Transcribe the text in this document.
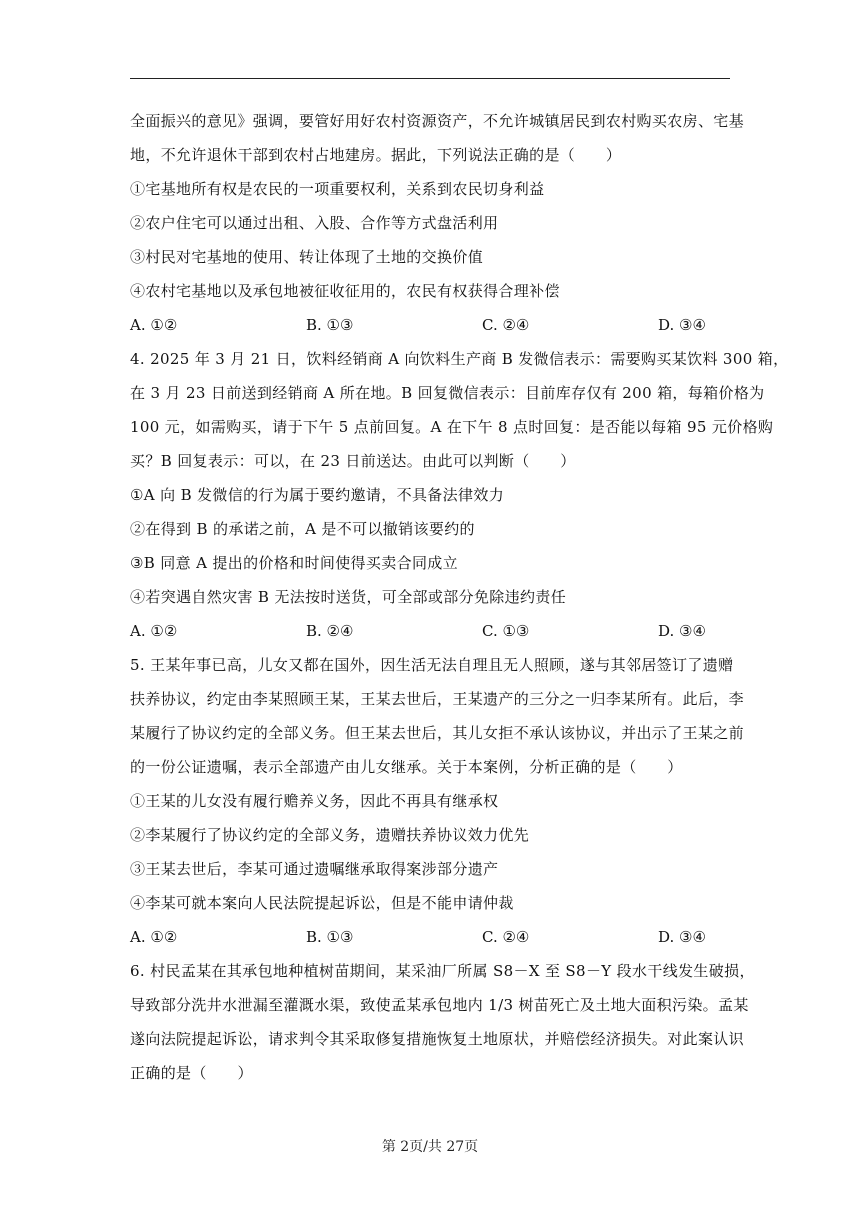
全面振兴的意见》强调，要管好用好农村资源资产，不允许城镇居民到农村购买农房、宅基
地，不允许退休干部到农村占地建房。据此，下列说法正确的是（　　）
①宅基地所有权是农民的一项重要权利，关系到农民切身利益
②农户住宅可以通过出租、入股、合作等方式盘活利用
③村民对宅基地的使用、转让体现了土地的交换价值
④农村宅基地以及承包地被征收征用的，农民有权获得合理补偿
A. ①②	B. ①③	C. ②④	D. ③④
4. 2025 年 3 月 21 日，饮料经销商 A 向饮料生产商 B 发微信表示：需要购买某饮料 300 箱，
在 3 月 23 日前送到经销商 A 所在地。B 回复微信表示：目前库存仅有 200 箱，每箱价格为
100 元，如需购买，请于下午 5 点前回复。A 在下午 8 点时回复：是否能以每箱 95 元价格购
买？B 回复表示：可以，在 23 日前送达。由此可以判断（　　）
①A 向 B 发微信的行为属于要约邀请，不具备法律效力
②在得到 B 的承诺之前，A 是不可以撤销该要约的
③B 同意 A 提出的价格和时间使得买卖合同成立
④若突遇自然灾害 B 无法按时送货，可全部或部分免除违约责任
A. ①②	B. ②④	C. ①③	D. ③④
5. 王某年事已高，儿女又都在国外，因生活无法自理且无人照顾，遂与其邻居签订了遗赠
扶养协议，约定由李某照顾王某，王某去世后，王某遗产的三分之一归李某所有。此后，李
某履行了协议约定的全部义务。但王某去世后，其儿女拒不承认该协议，并出示了王某之前
的一份公证遗嘱，表示全部遗产由儿女继承。关于本案例，分析正确的是（　　）
①王某的儿女没有履行赡养义务，因此不再具有继承权
②李某履行了协议约定的全部义务，遗赠扶养协议效力优先
③王某去世后，李某可通过遗嘱继承取得案涉部分遗产
④李某可就本案向人民法院提起诉讼，但是不能申请仲裁
A. ①②	B. ①③	C. ②④	D. ③④
6. 村民孟某在其承包地种植树苗期间，某采油厂所属 S8－X 至 S8－Y 段水干线发生破损，
导致部分洗井水泄漏至灌溉水渠，致使孟某承包地内 1/3 树苗死亡及土地大面积污染。孟某
遂向法院提起诉讼，请求判令其采取修复措施恢复土地原状，并赔偿经济损失。对此案认识
正确的是（　　）
第 2页/共 27页
